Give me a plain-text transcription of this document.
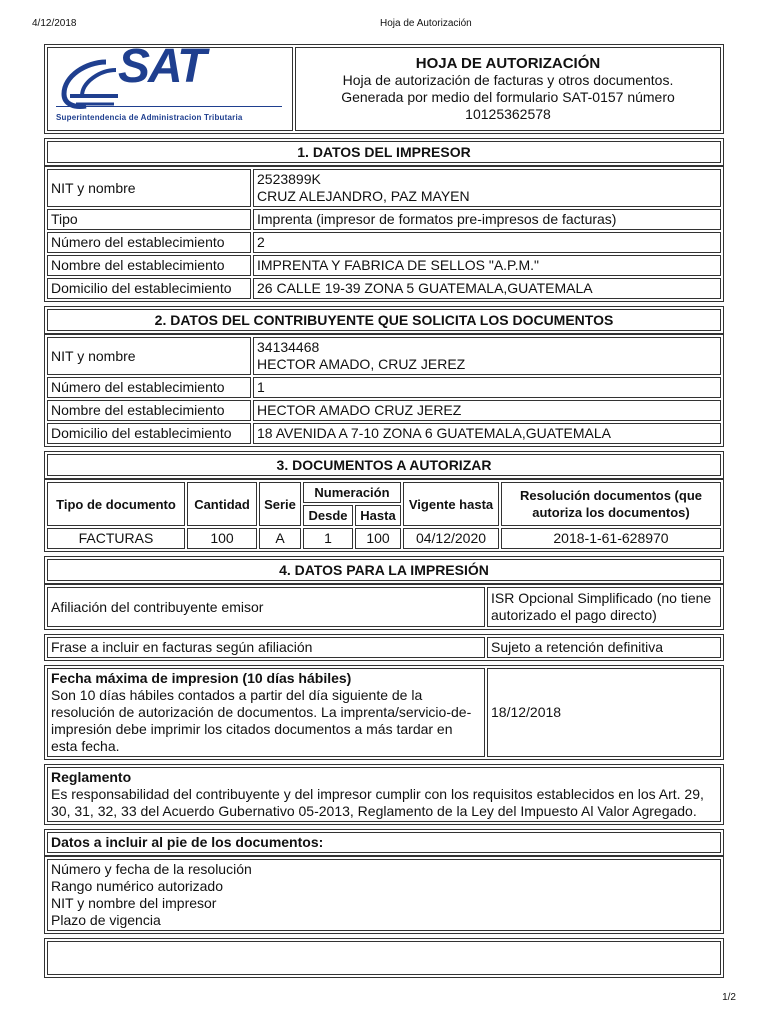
4/12/2018	Hoja de Autorización
SAT
Superintendencia de Administracion Tributaria

HOJA DE AUTORIZACIÓN
Hoja de autorización de facturas y otros documentos.
Generada por medio del formulario SAT-0157 número
10125362578
1. DATOS DEL IMPRESOR
NIT y nombre	2523899K
CRUZ ALEJANDRO, PAZ MAYEN

Tipo	Imprenta (impresor de formatos pre-impresos de facturas)
Número del establecimiento	2
Nombre del establecimiento	IMPRENTA Y FABRICA DE SELLOS "A.P.M."
Domicilio del establecimiento	26 CALLE 19-39 ZONA 5 GUATEMALA,GUATEMALA
2. DATOS DEL CONTRIBUYENTE QUE SOLICITA LOS DOCUMENTOS
NIT y nombre	34134468
HECTOR AMADO, CRUZ JEREZ

Número del establecimiento	1
Nombre del establecimiento	HECTOR AMADO CRUZ JEREZ
Domicilio del establecimiento	18 AVENIDA A 7-10 ZONA 6 GUATEMALA,GUATEMALA
3. DOCUMENTOS A AUTORIZAR
Tipo de documento	Cantidad	Serie	Numeración		Vigente hasta	Resolución documentos (que autoriza los documentos)
			Desde	Hasta		
FACTURAS	100	A	1	100	04/12/2020	2018-1-61-628970
4. DATOS PARA LA IMPRESIÓN
Afiliación del contribuyente emisor	ISR Opcional Simplificado (no tiene autorizado el pago directo)
Frase a incluir en facturas según afiliación	Sujeto a retención definitiva
Fecha máxima de impresion (10 días hábiles)
Son 10 días hábiles contados a partir del día siguiente de la resolución de autorización de documentos. La imprenta/servicio-de-impresión debe imprimir los citados documentos a más tardar en esta fecha.
	18/12/2018
Reglamento
Es responsabilidad del contribuyente y del impresor cumplir con los requisitos establecidos en los Art. 29, 30, 31, 32, 33 del Acuerdo Gubernativo 05-2013, Reglamento de la Ley del Impuesto Al Valor Agregado.
Datos a incluir al pie de los documentos:
Número y fecha de la resolución
Rango numérico autorizado
NIT y nombre del impresor
Plazo de vigencia
1/2
